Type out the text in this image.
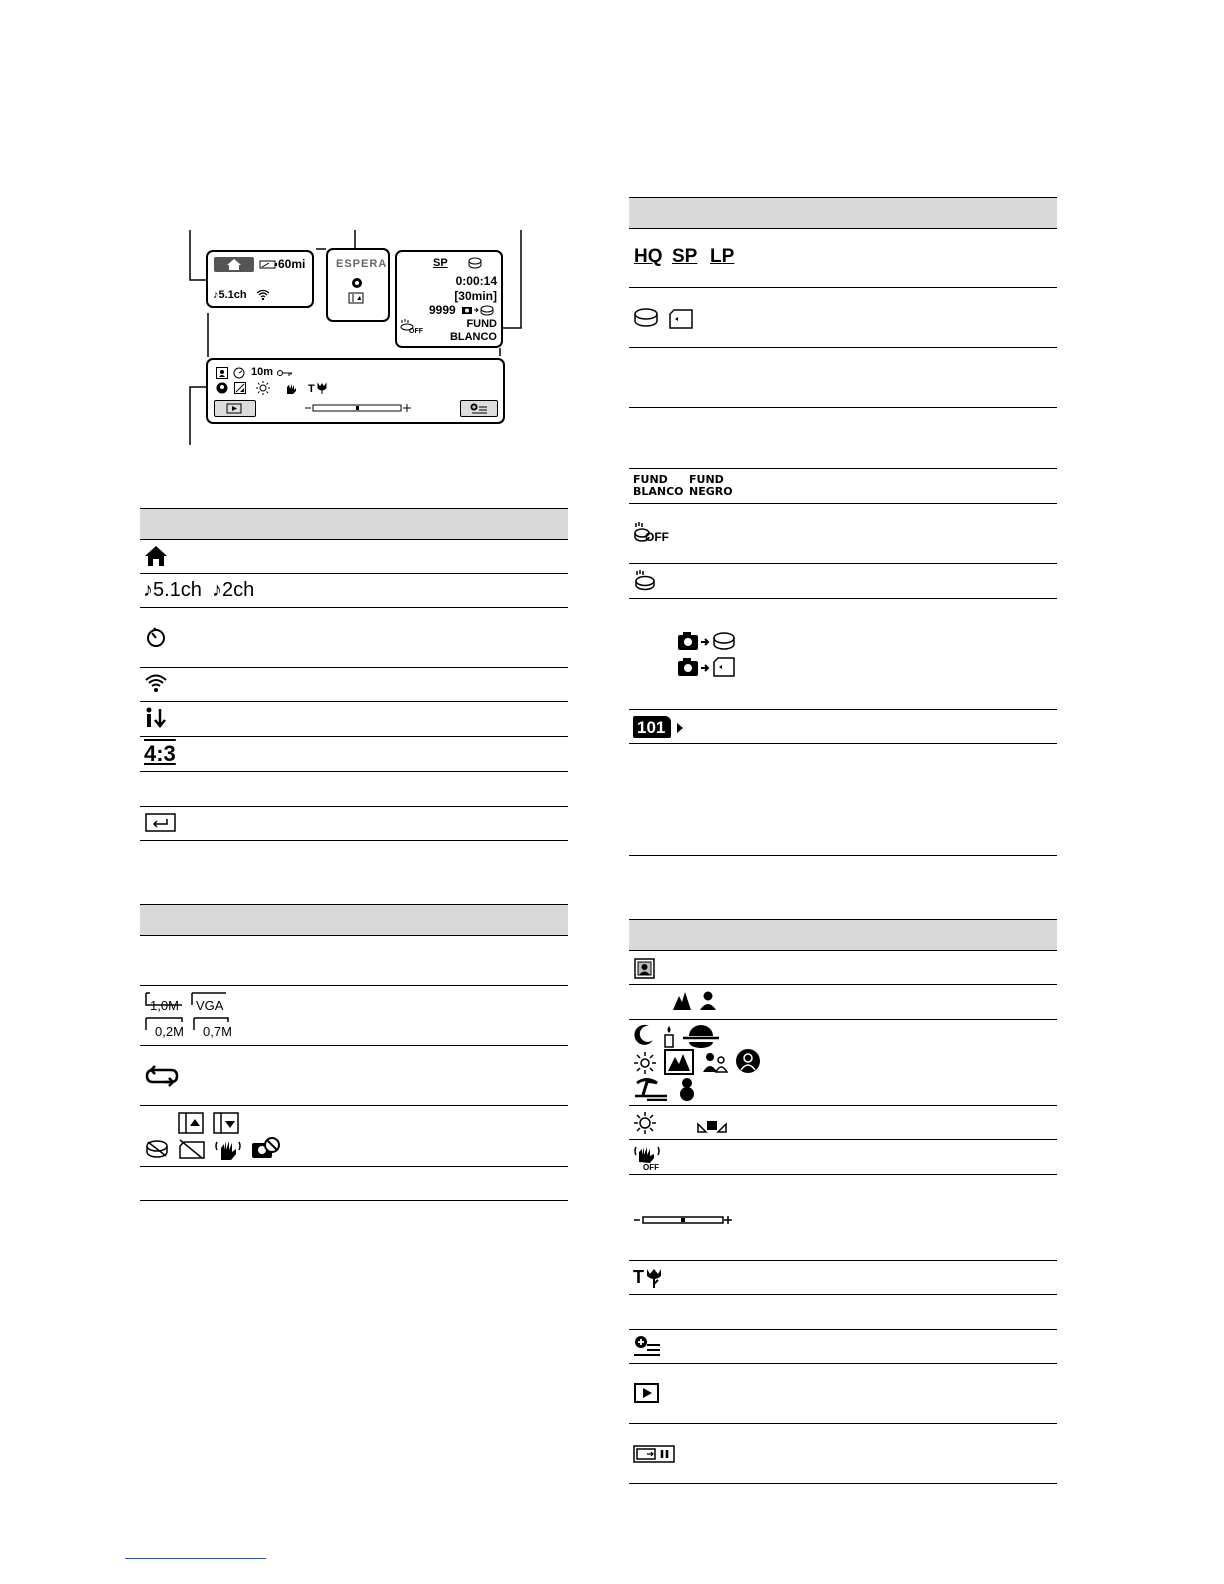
60mi
♪5.1ch
ESPERA	SP
0:00:14
[30min]
9999
OFF
FUND
BLANCO
10m
T
♪5.1ch ♪2ch
4:3
1,0M VGA
0,2M 0,7M
HQ SP LP
FUND
BLANCO
FUND
NEGRO
OFF
101
OFF
T
